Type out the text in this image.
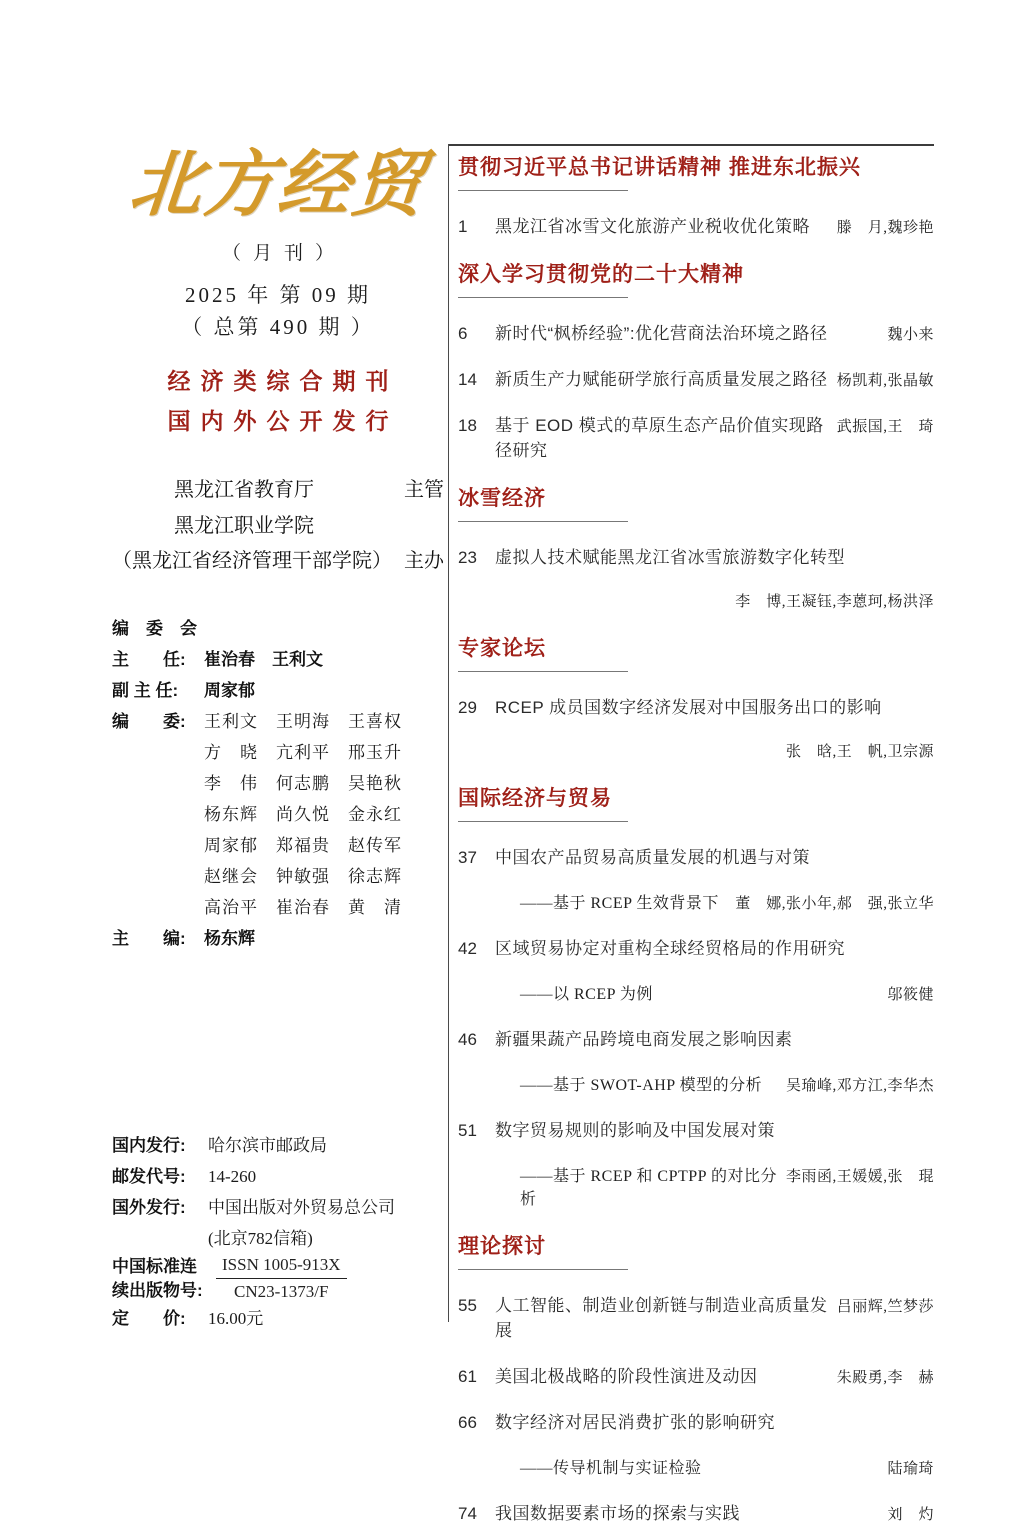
北方经贸
（月刊）
2025 年 第 09 期
（ 总第 490 期 ）
经济类综合期刊
国内外公开发行
黑龙江省教育厅	主管
黑龙江职业学院
（黑龙江省经济管理干部学院） 主办
编　委　会
主　　任:	崔治春　王利文
副 主 任:	周家郁
编　　委:	王利文　王明海　王喜权
方　晓　亢利平　邢玉升
李　伟　何志鹏　吴艳秋
杨东辉　尚久悦　金永红
周家郁　郑福贵　赵传军
赵继会　钟敏强　徐志辉
高治平　崔治春　黄　清
主　　编:	杨东辉
国内发行:	哈尔滨市邮政局
邮发代号:	14-260
国外发行:	中国出版对外贸易总公司
(北京782信箱)
中国标准连
续出版物号: $\frac{\text{ISSN 1005-913X}}{CN23-1373/F}$
定　　价:	16.00元
贯彻习近平总书记讲话精神 推进东北振兴
1	黑龙江省冰雪文化旅游产业税收优化策略	滕　月,魏珍艳
深入学习贯彻党的二十大精神
6	新时代“枫桥经验”:优化营商法治环境之路径	魏小来
14	新质生产力赋能研学旅行高质量发展之路径 杨凯莉,张晶敏
18	基于 EOD 模式的草原生态产品价值实现路径研究
武振国,王　琦
冰雪经济
23	虚拟人技术赋能黑龙江省冰雪旅游数字化转型
李　博,王凝钰,李蒽珂,杨洪泽
专家论坛
29	RCEP 成员国数字经济发展对中国服务出口的影响
张　晗,王　帆,卫宗源
国际经济与贸易
37	中国农产品贸易高质量发展的机遇与对策
——基于 RCEP 生效背景下	董　娜,张小年,郝　强,张立华
42	区域贸易协定对重构全球经贸格局的作用研究
——以 RCEP 为例	邬筱健
46	新疆果蔬产品跨境电商发展之影响因素
——基于 SWOT-AHP 模型的分析	吴瑜峰,邓方江,李华杰
51	数字贸易规则的影响及中国发展对策
——基于 RCEP 和 CPTPP 的对比分析
李雨函,王媛媛,张　琨
理论探讨
55	人工智能、制造业创新链与制造业高质量发展
吕丽辉,竺梦莎
61	美国北极战略的阶段性演进及动因	朱殿勇,李　赫
66	数字经济对居民消费扩张的影响研究
——传导机制与实证检验	陆瑜琦
74	我国数据要素市场的探索与实践	刘　灼
